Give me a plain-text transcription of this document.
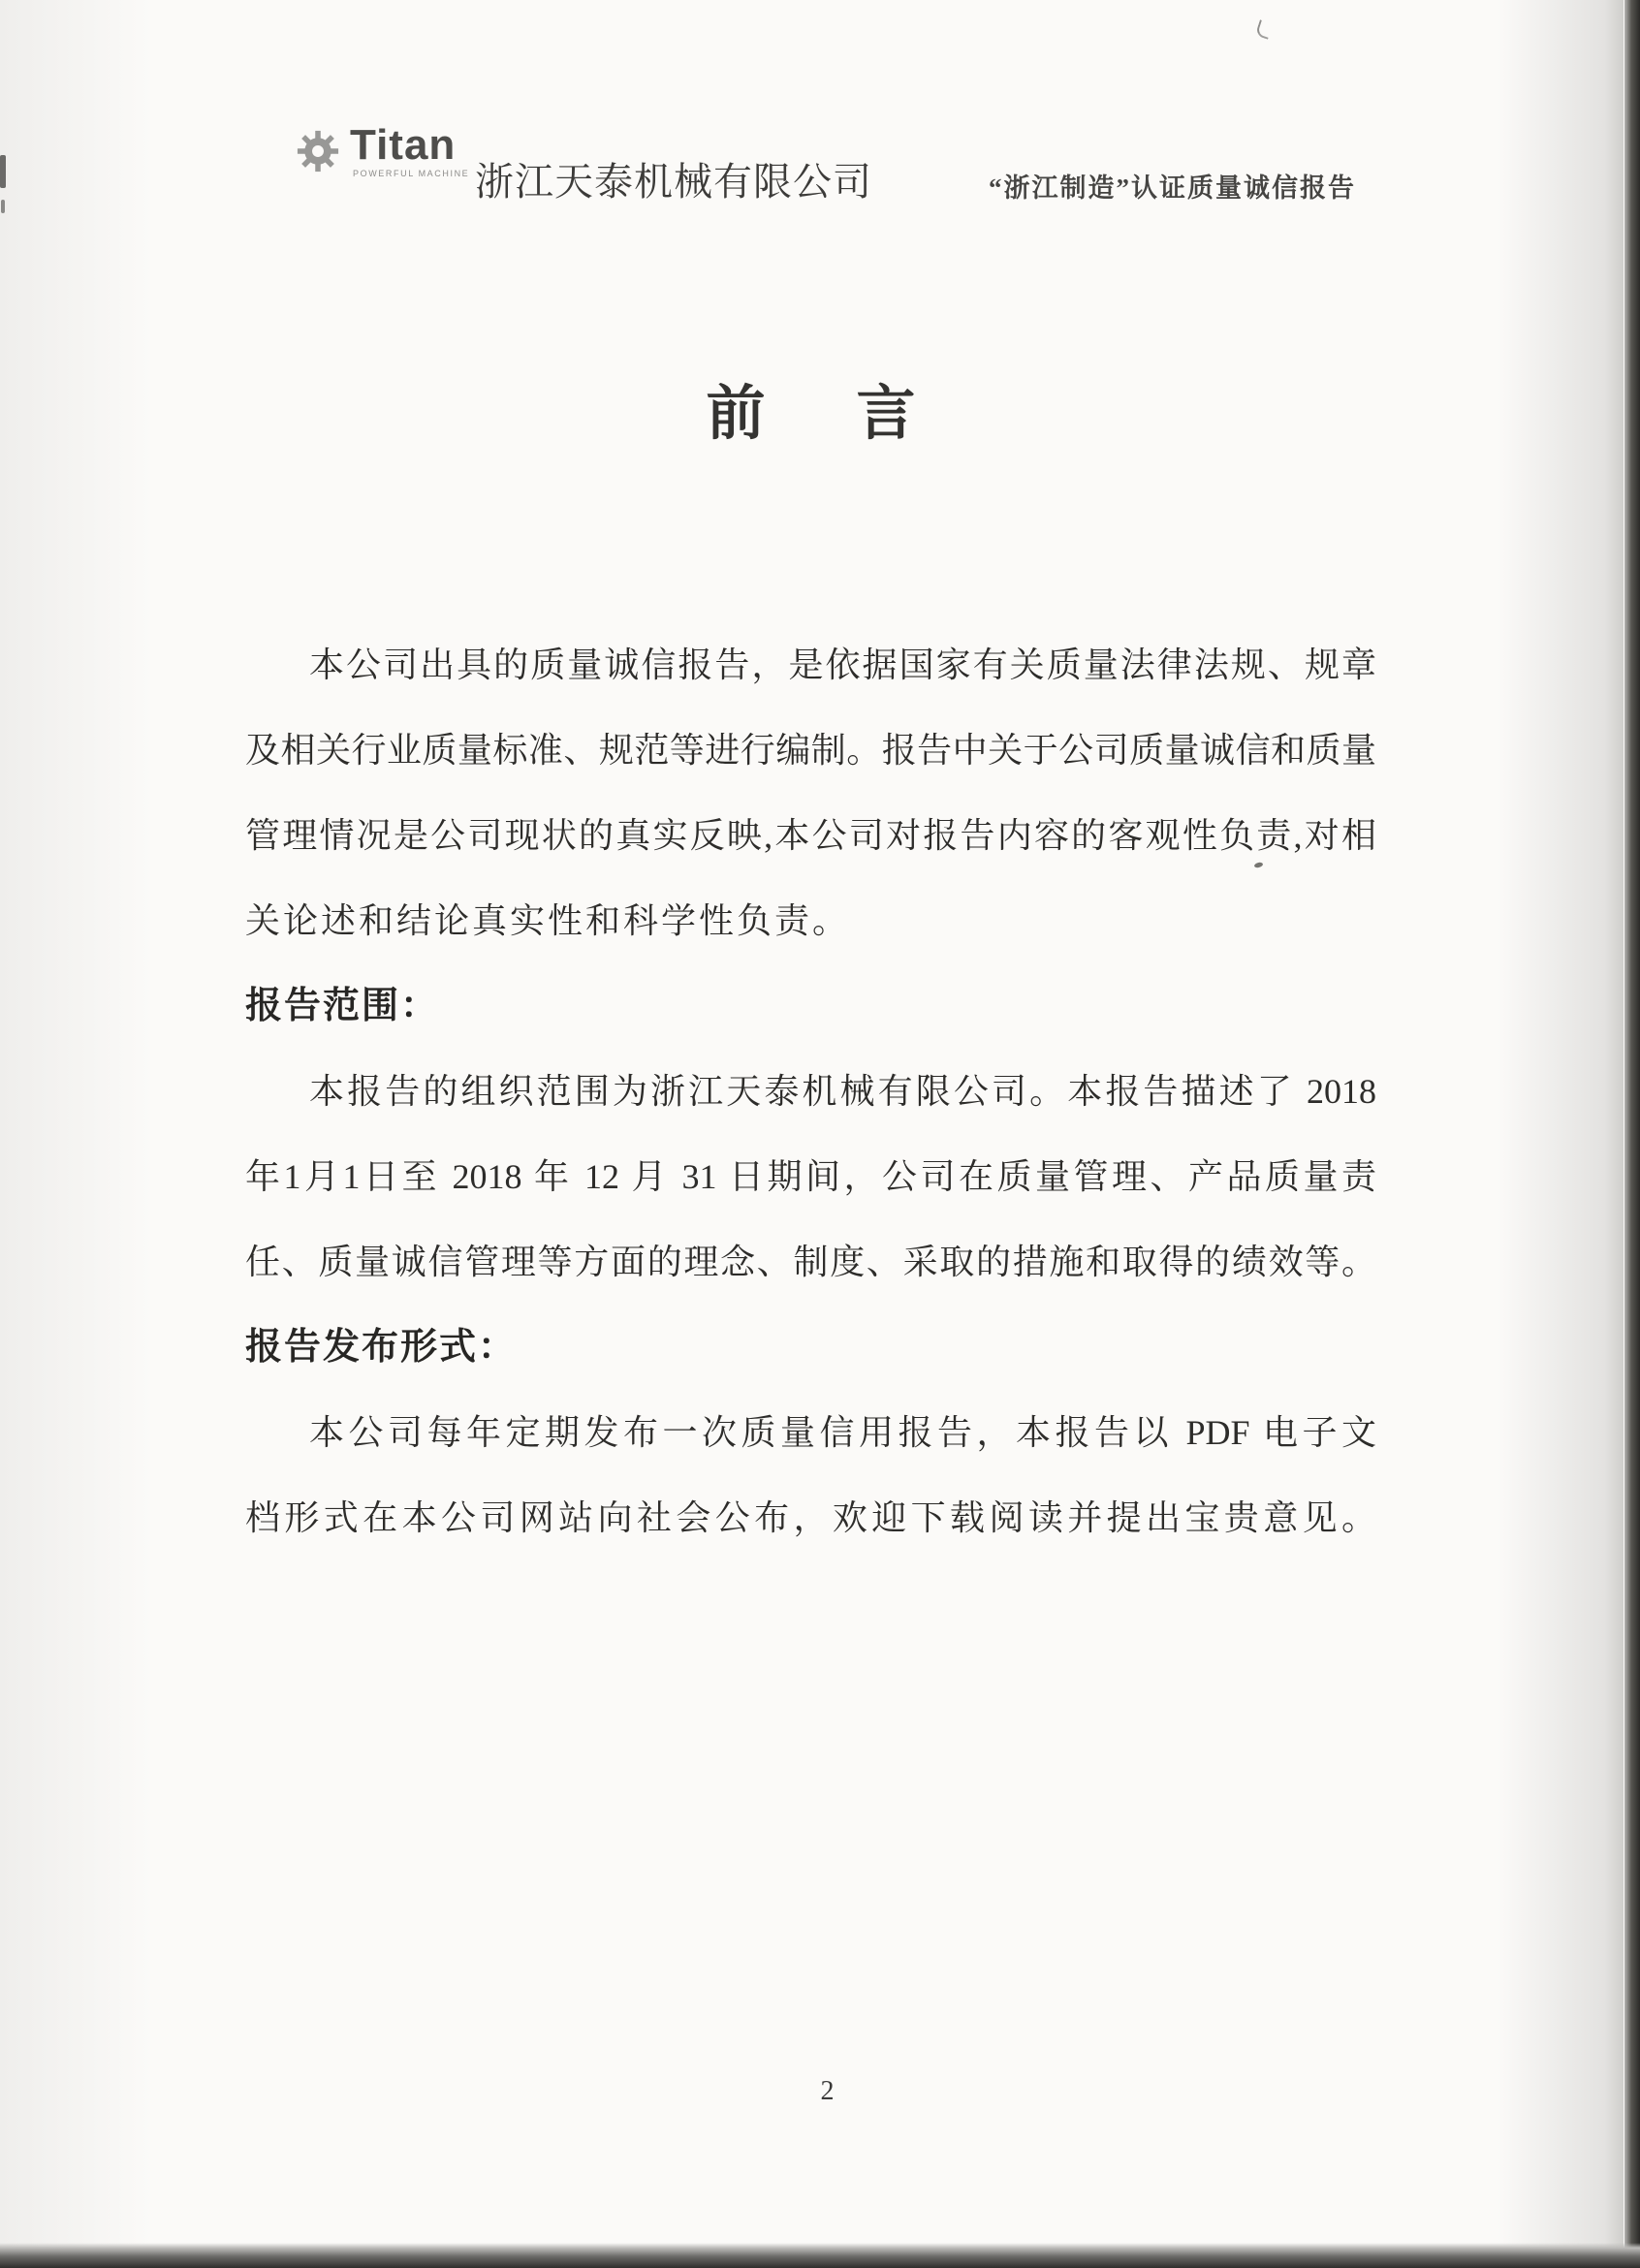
Titan
POWERFUL MACHINE 浙江天泰机械有限公司	“浙江制造”认证质量诚信报告
前 言
本公司出具的质量诚信报告，是依据国家有关质量法律法规、规章
及相关行业质量标准、规范等进行编制。报告中关于公司质量诚信和质量
管理情况是公司现状的真实反映,本公司对报告内容的客观性负责,对相
关论述和结论真实性和科学性负责。
报告范围：
本报告的组织范围为浙江天泰机械有限公司。本报告描述了 2018
年1月1日至 2018 年 12 月 31 日期间，公司在质量管理、产品质量责
任、质量诚信管理等方面的理念、制度、采取的措施和取得的绩效等。
报告发布形式：
本公司每年定期发布一次质量信用报告，本报告以 PDF 电子文
档形式在本公司网站向社会公布，欢迎下载阅读并提出宝贵意见。
2
